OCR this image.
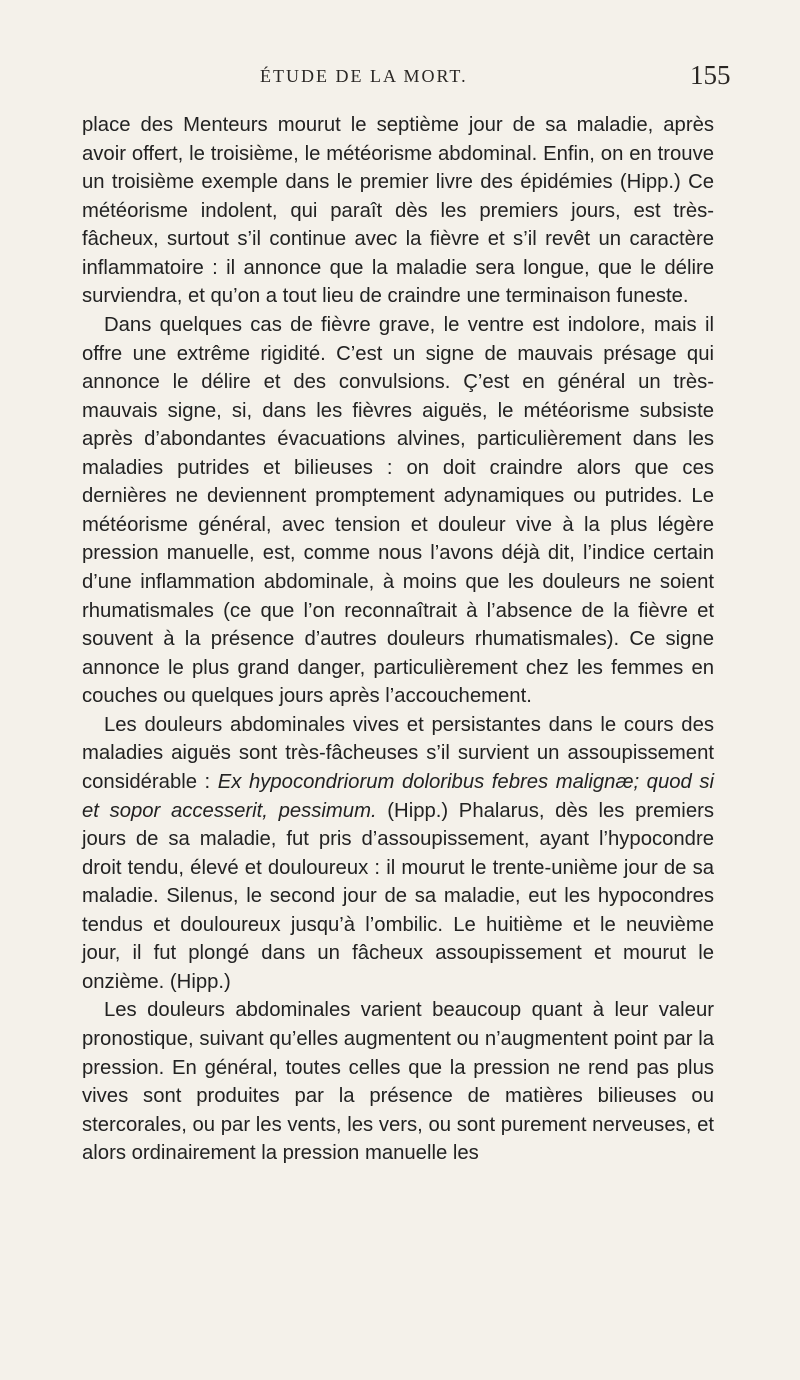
ÉTUDE DE LA MORT.	155

place des Menteurs mourut le septième jour de sa maladie, après avoir offert, le troisième, le météorisme abdominal. Enfin, on en trouve un troisième exemple dans le premier livre des épidémies (Hipp.) Ce météorisme indolent, qui paraît dès les premiers jours, est très-fâcheux, surtout s’il continue avec la fièvre et s’il revêt un caractère inflammatoire : il annonce que la maladie sera longue, que le délire surviendra, et qu’on a tout lieu de craindre une terminaison funeste.

Dans quelques cas de fièvre grave, le ventre est indolore, mais il offre une extrême rigidité. C’est un signe de mauvais présage qui annonce le délire et des convulsions. Ç’est en général un très-mauvais signe, si, dans les fièvres aiguës, le météorisme subsiste après d’abondantes évacuations alvines, particulièrement dans les maladies putrides et bilieuses : on doit craindre alors que ces dernières ne deviennent promptement adynamiques ou putrides. Le météorisme général, avec tension et douleur vive à la plus légère pression manuelle, est, comme nous l’avons déjà dit, l’indice certain d’une inflammation abdominale, à moins que les douleurs ne soient rhumatismales (ce que l’on reconnaîtrait à l’absence de la fièvre et souvent à la présence d’autres douleurs rhumatismales). Ce signe annonce le plus grand danger, particulièrement chez les femmes en couches ou quelques jours après l’accouchement.

Les douleurs abdominales vives et persistantes dans le cours des maladies aiguës sont très-fâcheuses s’il survient un assoupissement considérable : Ex hypocondriorum doloribus febres malignæ; quod si et sopor accesserit, pessimum. (Hipp.) Phalarus, dès les premiers jours de sa maladie, fut pris d’assoupissement, ayant l’hypocondre droit tendu, élevé et douloureux : il mourut le trente-unième jour de sa maladie. Silenus, le second jour de sa maladie, eut les hypocondres tendus et douloureux jusqu’à l’ombilic. Le huitième et le neuvième jour, il fut plongé dans un fâcheux assoupissement et mourut le onzième. (Hipp.)

Les douleurs abdominales varient beaucoup quant à leur valeur pronostique, suivant qu’elles augmentent ou n’augmentent point par la pression. En général, toutes celles que la pression ne rend pas plus vives sont produites par la présence de matières bilieuses ou stercorales, ou par les vents, les vers, ou sont purement nerveuses, et alors ordinairement la pression manuelle les
